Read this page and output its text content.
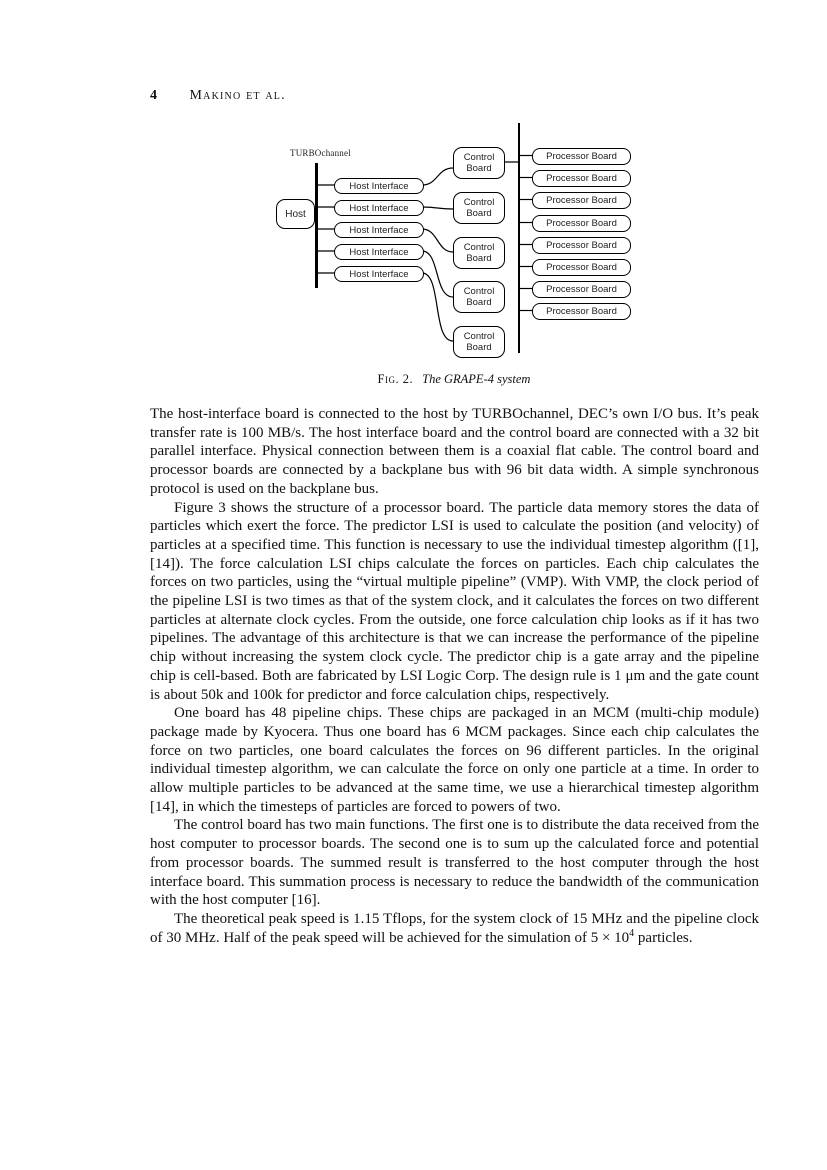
4 Makino et al.
TURBOchannel
Host
Host Interface
Host Interface
Host Interface
Host Interface
Host Interface
Control Board
Control Board
Control Board
Control Board
Control Board
Processor Board
Processor Board
Processor Board
Processor Board
Processor Board
Processor Board
Processor Board
Processor Board
Fig. 2. The GRAPE-4 system

The host-interface board is connected to the host by TURBOchannel, DEC’s own I/O bus. It’s peak transfer rate is 100 MB/s. The host interface board and the control board are connected with a 32 bit parallel interface. Physical connection between them is a coaxial flat cable. The control board and processor boards are connected by a backplane bus with 96 bit data width. A simple synchronous protocol is used on the backplane bus.

Figure 3 shows the structure of a processor board. The particle data memory stores the data of particles which exert the force. The predictor LSI is used to calculate the position (and velocity) of particles at a specified time. This function is necessary to use the individual timestep algorithm ([1], [14]). The force calculation LSI chips calculate the forces on particles. Each chip calculates the forces on two particles, using the “virtual multiple pipeline” (VMP). With VMP, the clock period of the pipeline LSI is two times as that of the system clock, and it calculates the forces on two different particles at alternate clock cycles. From the outside, one force calculation chip looks as if it has two pipelines. The advantage of this architecture is that we can increase the performance of the pipeline chip without increasing the system clock cycle. The predictor chip is a gate array and the pipeline chip is cell-based. Both are fabricated by LSI Logic Corp. The design rule is 1 μm and the gate count is about 50k and 100k for predictor and force calculation chips, respectively.

One board has 48 pipeline chips. These chips are packaged in an MCM (multi-chip module) package made by Kyocera. Thus one board has 6 MCM packages. Since each chip calculates the force on two particles, one board calculates the forces on 96 different particles. In the original individual timestep algorithm, we can calculate the force on only one particle at a time. In order to allow multiple particles to be advanced at the same time, we use a hierarchical timestep algorithm [14], in which the timesteps of particles are forced to powers of two.

The control board has two main functions. The first one is to distribute the data received from the host computer to processor boards. The second one is to sum up the calculated force and potential from processor boards. The summed result is transferred to the host computer through the host interface board. This summation process is necessary to reduce the bandwidth of the communication with the host computer [16].

The theoretical peak speed is 1.15 Tflops, for the system clock of 15 MHz and the pipeline clock of 30 MHz. Half of the peak speed will be achieved for the simulation of $5 \times 10^4$ particles.
